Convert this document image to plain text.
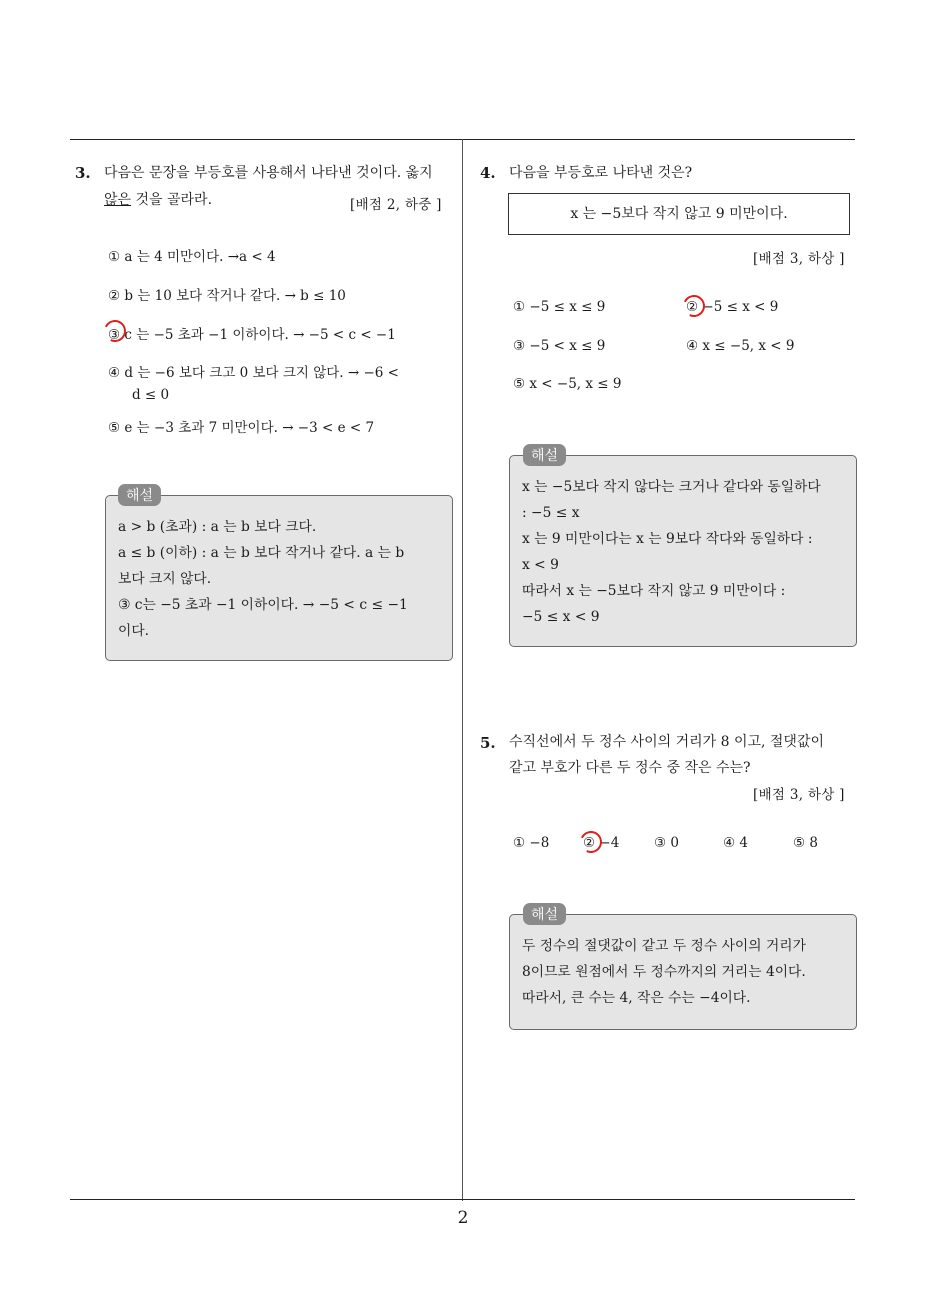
2
3. 다음은 문장을 부등호를 사용해서 나타낸 것이다. 옳지
않은 것을 골라라.	[배점 2, 하중 ]
① a 는 4 미만이다. →a < 4
② b 는 10 보다 작거나 같다. → b ≤ 10
③ c 는 −5 초과 −1 이하이다. → −5 < c < −1
④ d 는 −6 보다 크고 0 보다 크지 않다. → −6 <
d ≤ 0
⑤ e 는 −3 초과 7 미만이다. → −3 < e < 7
a > b (초과) : a 는 b 보다 크다.
a ≤ b (이하) : a 는 b 보다 작거나 같다. a 는 b
보다 크지 않다.
③ c는 −5 초과 −1 이하이다. → −5 < c ≤ −1
이다.
해설
4. 다음을 부등호로 나타낸 것은?
x 는 −5보다 작지 않고 9 미만이다.
[배점 3, 하상 ]
① −5 ≤ x ≤ 9	② −5 ≤ x < 9
③ −5 < x ≤ 9	④ x ≤ −5, x < 9
⑤ x < −5, x ≤ 9
x 는 −5보다 작지 않다는 크거나 같다와 동일하다
: −5 ≤ x
x 는 9 미만이다는 x 는 9보다 작다와 동일하다 :
x < 9
따라서 x 는 −5보다 작지 않고 9 미만이다 :
−5 ≤ x < 9
해설
5. 수직선에서 두 정수 사이의 거리가 8 이고, 절댓값이
같고 부호가 다른 두 정수 중 작은 수는?
[배점 3, 하상 ]
① −8 ② −4	③ 0	④ 4	⑤ 8
두 정수의 절댓값이 같고 두 정수 사이의 거리가
8이므로 원점에서 두 정수까지의 거리는 4이다.
따라서, 큰 수는 4, 작은 수는 −4이다.
해설
